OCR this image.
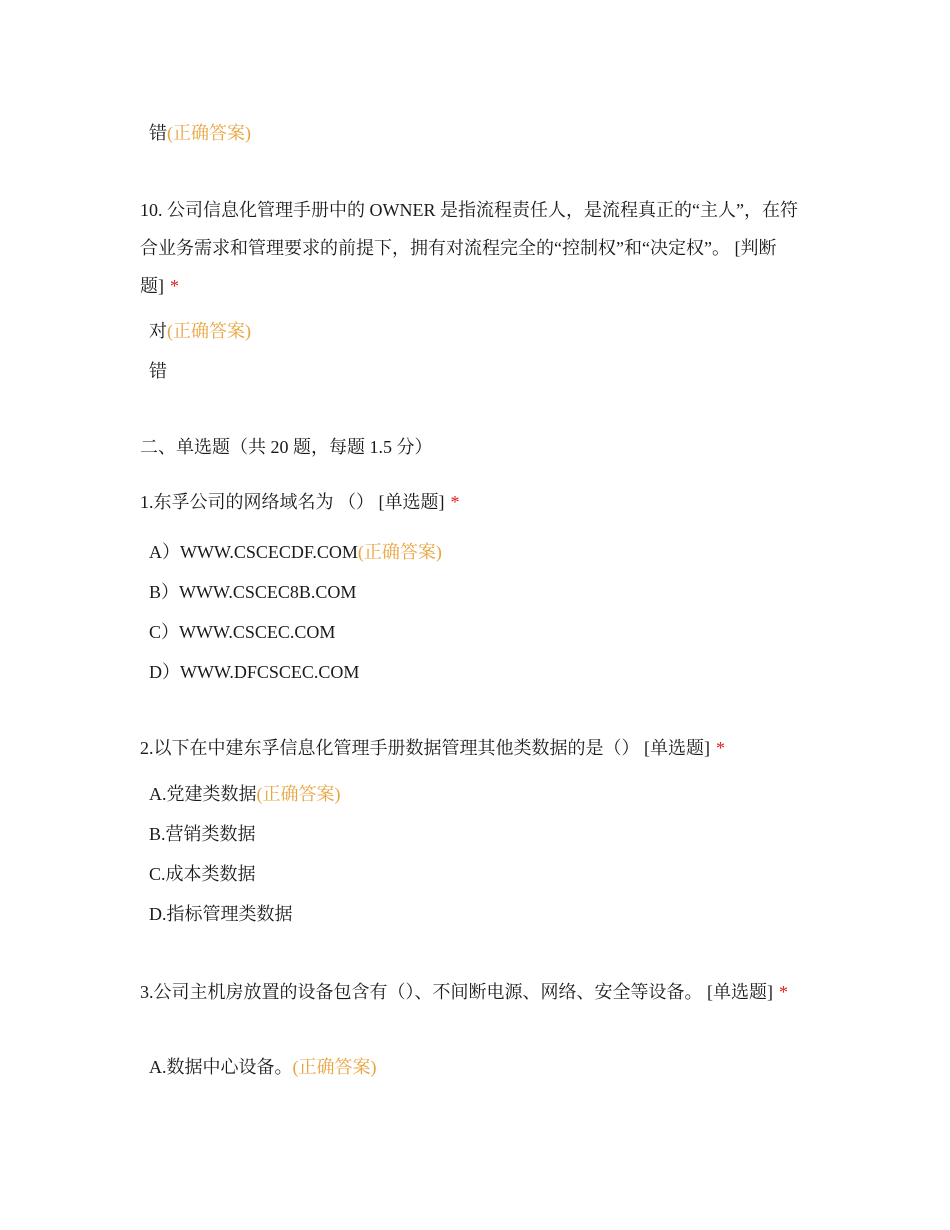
错(正确答案)
10. 公司信息化管理手册中的 OWNER 是指流程责任人，是流程真正的“主人”，在符合业务需求和管理要求的前提下，拥有对流程完全的“控制权”和“决定权”。 [判断题] *
对(正确答案)
错
二、单选题（共 20 题，每题 1.5 分）
1.东孚公司的网络域名为 （） [单选题] *
A）WWW.CSCECDF.COM(正确答案)
B）WWW.CSCEC8B.COM
C）WWW.CSCEC.COM
D）WWW.DFCSCEC.COM
2.以下在中建东孚信息化管理手册数据管理其他类数据的是（） [单选题] *
A.党建类数据(正确答案)
B.营销类数据
C.成本类数据
D.指标管理类数据
3.公司主机房放置的设备包含有（）、不间断电源、网络、安全等设备。 [单选题] *
A.数据中心设备。(正确答案)
